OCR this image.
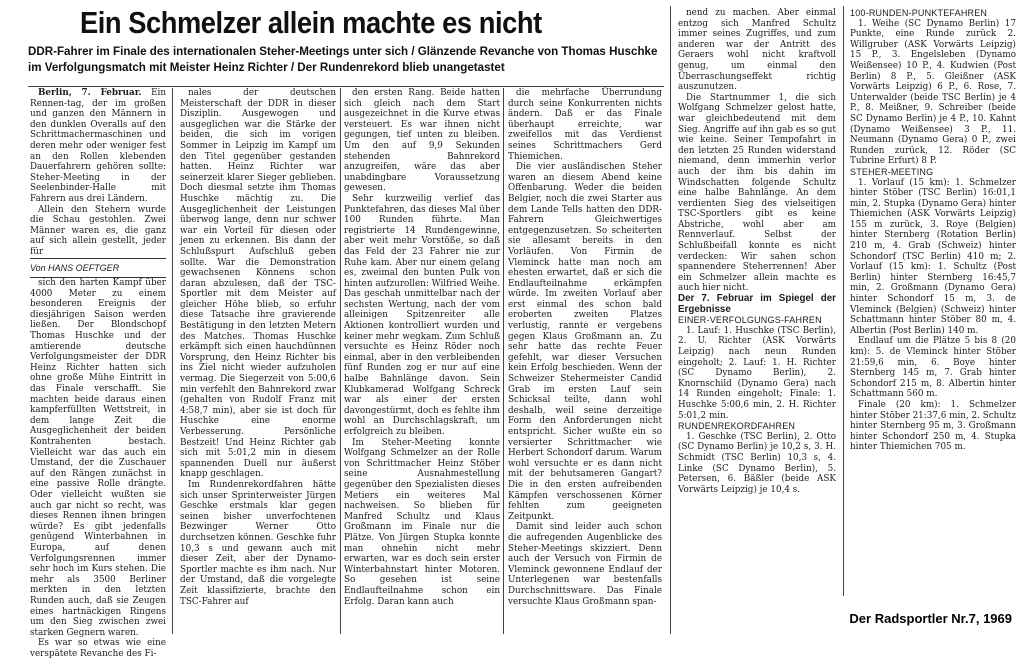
Ein Schmelzer allein machte es nicht
DDR-Fahrer im Finale des internationalen Steher-Meetings unter sich / Glänzende Revanche von Thomas Huschke im Verfolgungsmatch mit Meister Heinz Richter / Der Rundenrekord blieb unangetastet

Berlin, 7. Februar. Ein Rennen-tag, der im großen und ganzen den Männern in den dunklen Overalls auf den Schrittmachermaschinen und deren mehr oder weniger fest an den Rollen klebenden Dauerfahrern gehören sollte: Steher-Meeting in der Seelenbinder-Halle mit Fahrern aus drei Ländern.

Allein den Stehern wurde die Schau gestohlen. Zwei Männer waren es, die ganz auf sich allein gestellt, jeder für

Von HANS OEFTGER

sich den harten Kampf über 4000 Meter zu einem besonderen Ereignis der diesjährigen Saison werden ließen. Der Blondschopf Thomas Huschke und der amtierende deutsche Verfolgungsmeister der DDR Heinz Richter hatten sich ohne große Mühe Eintritt in das Finale verschafft. Sie machten beide daraus einen kampferfüllten Wettstreit, in dem lange Zeit die Ausgeglichenheit der beiden Kontrahenten bestach. Vielleicht war das auch ein Umstand, der die Zuschauer auf den Rängen zunächst in eine passive Rolle drängte. Oder vielleicht wußten sie auch gar nicht so recht, was dieses Rennen ihnen bringen würde? Es gibt jedenfalls genügend Winterbahnen in Europa, auf denen Verfolgungsrennen immer sehr hoch im Kurs stehen. Die mehr als 3500 Berliner merkten in den letzten Runden auch, daß sie Zeugen eines hartnäckigen Ringens um den Sieg zwischen zwei starken Gegnern waren.

Es war so etwas wie eine verspätete Revanche des Fi-

nales der deutschen Meisterschaft der DDR in dieser Disziplin. Ausgewogen und ausgeglichen war die Stärke der beiden, die sich im vorigen Sommer in Leipzig im Kampf um den Titel gegenüber gestanden hatten. Heinz Richter war seinerzeit klarer Sieger geblieben. Doch diesmal setzte ihm Thomas Huschke mächtig zu. Die Ausgeglichenheit der Leistungen überwog lange, denn nur schwer war ein Vorteil für diesen oder jenen zu erkennen. Bis dann der Schlußspurt Aufschluß geben sollte. War die Demonstration gewachsenen Könnens schon daran abzulesen, daß der TSC-Sportler mit dem Meister auf gleicher Höhe blieb, so erfuhr diese Tatsache ihre gravierende Bestätigung in den letzten Metern des Matches. Thomas Huschke erkämpft sich einen hauchdünnen Vorsprung, den Heinz Richter bis ins Ziel nicht wieder aufzuholen vermag. Die Siegerzeit von 5:00,6 min verfehlt den Bahnrekord zwar (gehalten von Rudolf Franz mit 4:58,7 min), aber sie ist doch für Huschke eine enorme Verbesserung. Persönliche Bestzeit! Und Heinz Richter gab sich mit 5:01,2 min in diesem spannenden Duell nur äußerst knapp geschlagen.

Im Rundenrekordfahren hätte sich unser Sprinterweister Jürgen Geschke erstmals klar gegen seinen bisher unverfochtenen Bezwinger Werner Otto durchsetzen können. Geschke fuhr 10,3 s und gewann auch mit dieser Zeit, aber der Dynamo-Sportler machte es ihm nach. Nur der Umstand, daß die vorgelegte Zeit klassifizierte, brachte den TSC-Fahrer auf

den ersten Rang. Beide hatten sich gleich nach dem Start ausgezeichnet in die Kurve etwas versteuert. Es war ihnen nicht gegungen, tief unten zu bleiben. Um den auf 9,9 Sekunden stehenden Bahnrekord anzugreifen, wäre das aber unabdingbare Voraussetzung gewesen.

Sehr kurzweilig verlief das Punktefahren, das dieses Mal über 100 Runden führte. Man registrierte 14 Rundengewinne, aber weit mehr Vorstöße, so daß das Feld der 23 Fahrer nie zur Ruhe kam. Aber nur einem gelang es, zweimal den bunten Pulk von hinten aufzurollen: Wilfried Weihe. Das geschah unmittelbar nach der sechsten Wertung, nach der vom alleinigen Spitzenreiter alle Aktionen kontrolliert wurden und keiner mehr wegkam. Zum Schluß versuchte es Heinz Röder noch einmal, aber in den verbleibenden fünf Runden zog er nur auf eine halbe Bahnlänge davon. Sein Klubkamerad Wolfgang Schreck war als einer der ersten davongestürmt, doch es fehlte ihm wohl an Durchschlagskraft, um erfolgreich zu bleiben.

Im Steher-Meeting konnte Wolfgang Schmelzer an der Rolle von Schrittmacher Heinz Stöber seine Ausnahmestellung gegenüber den Spezialisten dieses Metiers ein weiteres Mal nachweisen. So blieben für Manfred Schultz und Klaus Großmann im Finale nur die Plätze. Von Jürgen Stupka konnte man ohnehin nicht mehr erwarten, war es doch sein erster Winterbahnstart hinter Motoren. So gesehen ist seine Endlaufteilnahme schon ein Erfolg. Daran kann auch

die mehrfache Überrundung durch seine Konkurrenten nichts ändern. Daß er das Finale überhaupt erreichte, war zweifellos mit das Verdienst seines Schrittmachers Gerd Thiemichen.

Die vier ausländischen Steher waren an diesem Abend keine Offenbarung. Weder die beiden Belgier, noch die zwei Starter aus dem Lande Tells hatten den DDR-Fahrern Gleichwertiges entgegenzusetzen. So scheiterten sie allesamt bereits in den Vorläufen. Von Firmin de Vleminck hatte man noch am ehesten erwartet, daß er sich die Endlaufteilnahme erkämpfen würde. Im zweiten Vorlauf aber erst einmal des schon bald eroberten zweiten Platzes verlustig, rannte er vergebens gegen Klaus Großmann an. Zu sehr hatte das rechte Feuer gefehlt, war dieser Versuchen kein Erfolg beschieden. Wenn der Schweizer Stehermeister Candid Grab im ersten Lauf sein Schicksal teilte, dann wohl deshalb, weil seine derzeitige Form den Anforderungen nicht entspricht. Sicher wußte ein so versierter Schrittmacher wie Herbert Schondorf darum. Warum wohl versuchte er es dann nicht mit der behutsameren Gangart? Die in den ersten aufreibenden Kämpfen verschossenen Körner fehlten zum geeigneten Zeitpunkt.

Damit sind leider auch schon die aufregenden Augenblicke des Steher-Meetings skizziert. Denn auch der Versuch von Firmin de Vleminck gewonnene Endlauf der Unterlegenen war bestenfalls Durchschnittsware. Das Finale versuchte Klaus Großmann span-

nend zu machen. Aber einmal entzog sich Manfred Schultz immer seines Zugriffes, und zum anderen war der Antritt des Geraers wohl nicht kraftvoll genug, um einmal den Überraschungseffekt richtig auszunutzen.

Die Startnummer 1, die sich Wolfgang Schmelzer gelost hatte, war gleichbedeutend mit dem Sieg. Angriffe auf ihn gab es so gut wie keine. Seiner Tempofahrt in den letzten 25 Runden widerstand niemand, denn immerhin verlor auch der ihm bis dahin im Windschatten folgende Schultz eine halbe Bahnlänge. An dem verdienten Sieg des vielseitigen TSC-Sportlers gibt es keine Abstriche, wohl aber am Rennverlauf. Selbst der Schlußbeifall konnte es nicht verdecken: Wir sahen schon spannendere Steherrennen! Aber ein Schmelzer allein machte es auch hier nicht.

Der 7. Februar im Spiegel der Ergebnisse

EINER-VERFOLGUNGS-FAHREN

1. Lauf: 1. Huschke (TSC Berlin), 2. U. Richter (ASK Vorwärts Leipzig) nach neun Runden eingeholt; 2. Lauf: 1. H. Richter (SC Dynamo Berlin), 2. Knornschild (Dynamo Gera) nach 14 Runden eingeholt; Finale: 1. Huschke 5:00,6 min, 2. H. Richter 5:01,2 min.

RUNDENREKORDFAHREN

1. Geschke (TSC Berlin), 2. Otto (SC Dynamo Berlin) je 10,2 s, 3. H. Schmidt (TSC Berlin) 10,3 s, 4. Linke (SC Dynamo Berlin), 5. Petersen, 6. Bäßler (beide ASK Vorwärts Leipzig) je 10,4 s.

100-RUNDEN-PUNKTEFAHREN

1. Weihe (SC Dynamo Berlin) 17 Punkte, eine Runde zurück 2. Willgruber (ASK Vorwärts Leipzig) 15 P., 3. Engelsleben (Dynamo Weißensee) 10 P., 4. Kudwien (Post Berlin) 8 P., 5. Gleißner (ASK Vorwärts Leipzig) 6 P., 6. Rose, 7. Unterwalder (beide TSC Berlin) je 4 P., 8. Meißner, 9. Schreiber (beide SC Dynamo Berlin) je 4 P., 10. Kahnt (Dynamo Weißensee) 3 P., 11. Neumann (Dynamo Gera) 0 P., zwei Runden zurück, 12. Röder (SC Tubrine Erfurt) 8 P.

STEHER-MEETING

1. Vorlauf (15 km): 1. Schmelzer hinter Stöber (TSC Berlin) 16:01,1 min, 2. Stupka (Dynamo Gera) hinter Thiemichen (ASK Vorwärts Leipzig) 155 m zurück, 3. Roye (Belgien) hinter Sternberg (Rotation Berlin) 210 m, 4. Grab (Schweiz) hinter Schondorf (TSC Berlin) 410 m; 2. Vorlauf (15 km): 1. Schultz (Post Berlin) hinter Sternberg 16:45,7 min, 2. Großmann (Dynamo Gera) hinter Schondorf 15 m, 3. de Vleminck (Belgien) (Schweiz) hinter Schattmann hinter Stöber 80 m, 4. Albertin (Post Berlin) 140 m.

Endlauf um die Plätze 5 bis 8 (20 km): 5. de Vleminck hinter Stöber 21:59,6 min, 6. Boye hinter Sternberg 145 m, 7. Grab hinter Schondorf 215 m, 8. Albertin hinter Schattmann 560 m.

Finale (20 km): 1. Schmelzer hinter Stöber 21:37,6 min, 2. Schultz hinter Sternberg 95 m, 3. Großmann hinter Schondorf 250 m, 4. Stupka hinter Thiemichen 705 m.

Der Radsportler Nr.7, 1969
